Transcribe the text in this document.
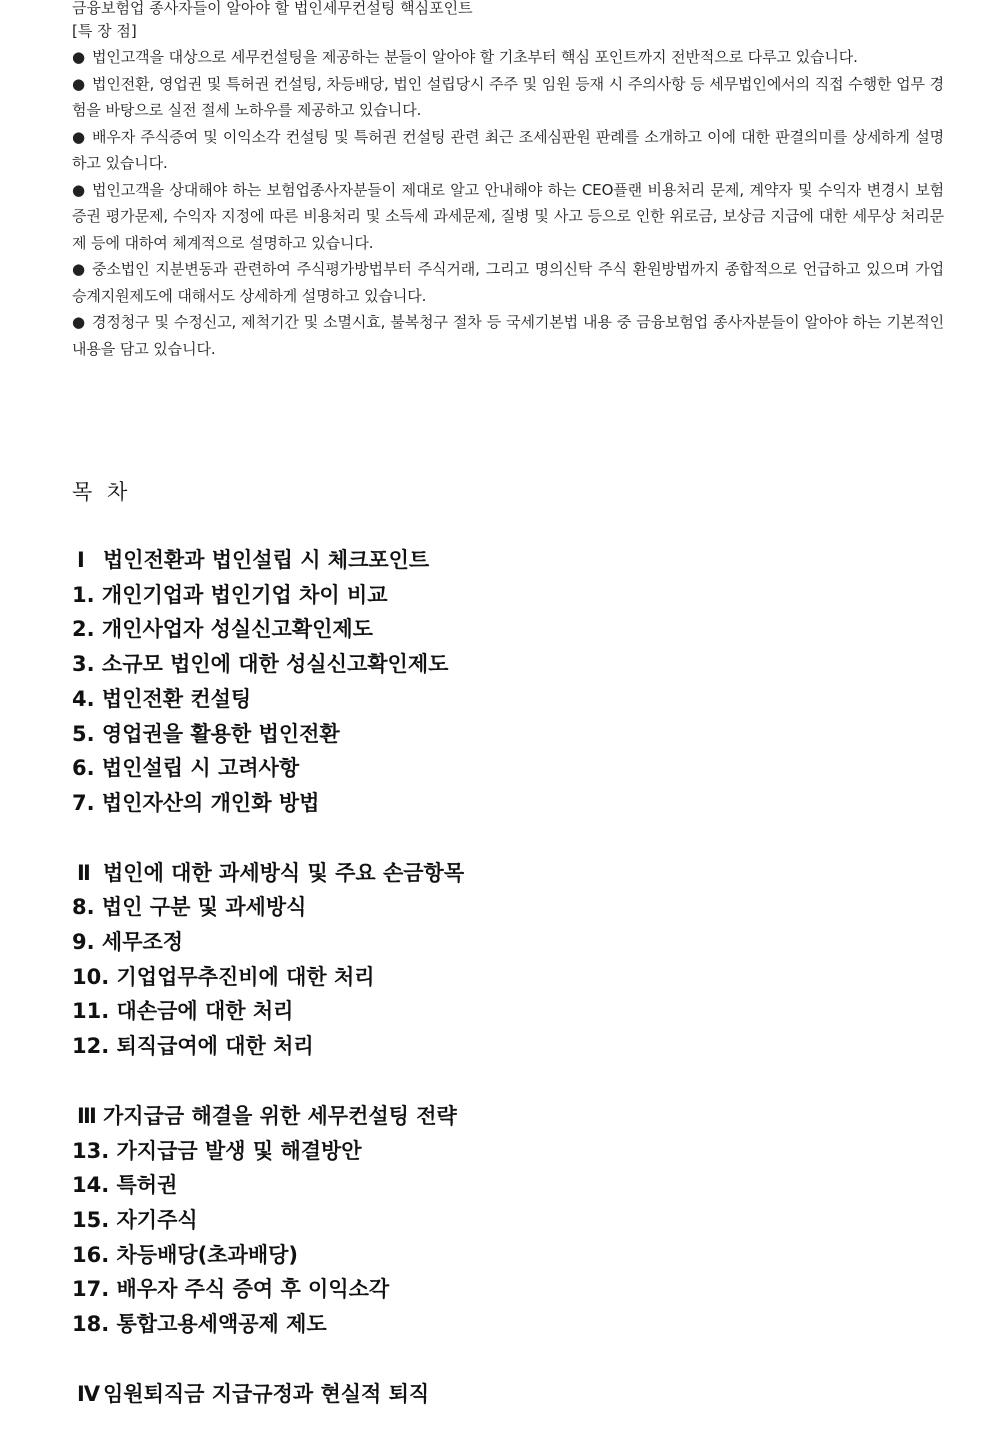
금융보험업 종사자들이 알아야 할 법인세무컨설팅 핵심포인트
[특 장 점]
● 법인고객을 대상으로 세무컨설팅을 제공하는 분들이 알아야 할 기초부터 핵심 포인트까지 전반적으로 다루고 있습니다.
● 법인전환, 영업권 및 특허권 컨설팅, 차등배당, 법인 설립당시 주주 및 임원 등재 시 주의사항 등 세무법인에서의 직접 수행한 업무 경험을 바탕으로 실전 절세 노하우를 제공하고 있습니다.
● 배우자 주식증여 및 이익소각 컨설팅 및 특허권 컨설팅 관련 최근 조세심판원 판례를 소개하고 이에 대한 판결의미를 상세하게 설명하고 있습니다.
● 법인고객을 상대해야 하는 보험업종사자분들이 제대로 알고 안내해야 하는 CEO플랜 비용처리 문제, 계약자 및 수익자 변경시 보험증권 평가문제, 수익자 지정에 따른 비용처리 및 소득세 과세문제, 질병 및 사고 등으로 인한 위로금, 보상금 지급에 대한 세무상 처리문제 등에 대하여 체계적으로 설명하고 있습니다.
● 중소법인 지분변동과 관련하여 주식평가방법부터 주식거래, 그리고 명의신탁 주식 환원방법까지 종합적으로 언급하고 있으며 가업승계지원제도에 대해서도 상세하게 설명하고 있습니다.
● 경정청구 및 수정신고, 제척기간 및 소멸시효, 불복청구 절차 등 국세기본법 내용 중 금융보험업 종사자분들이 알아야 하는 기본적인 내용을 담고 있습니다.
목 차
Ⅰ 법인전환과 법인설립 시 체크포인트
1. 개인기업과 법인기업 차이 비교
2. 개인사업자 성실신고확인제도
3. 소규모 법인에 대한 성실신고확인제도
4. 법인전환 컨설팅
5. 영업권을 활용한 법인전환
6. 법인설립 시 고려사항
7. 법인자산의 개인화 방법
Ⅱ 법인에 대한 과세방식 및 주요 손금항목
8. 법인 구분 및 과세방식
9. 세무조정
10. 기업업무추진비에 대한 처리
11. 대손금에 대한 처리
12. 퇴직급여에 대한 처리
Ⅲ 가지급금 해결을 위한 세무컨설팅 전략
13. 가지급금 발생 및 해결방안
14. 특허권
15. 자기주식
16. 차등배당(초과배당)
17. 배우자 주식 증여 후 이익소각
18. 통합고용세액공제 제도
Ⅳ 임원퇴직금 지급규정과 현실적 퇴직
